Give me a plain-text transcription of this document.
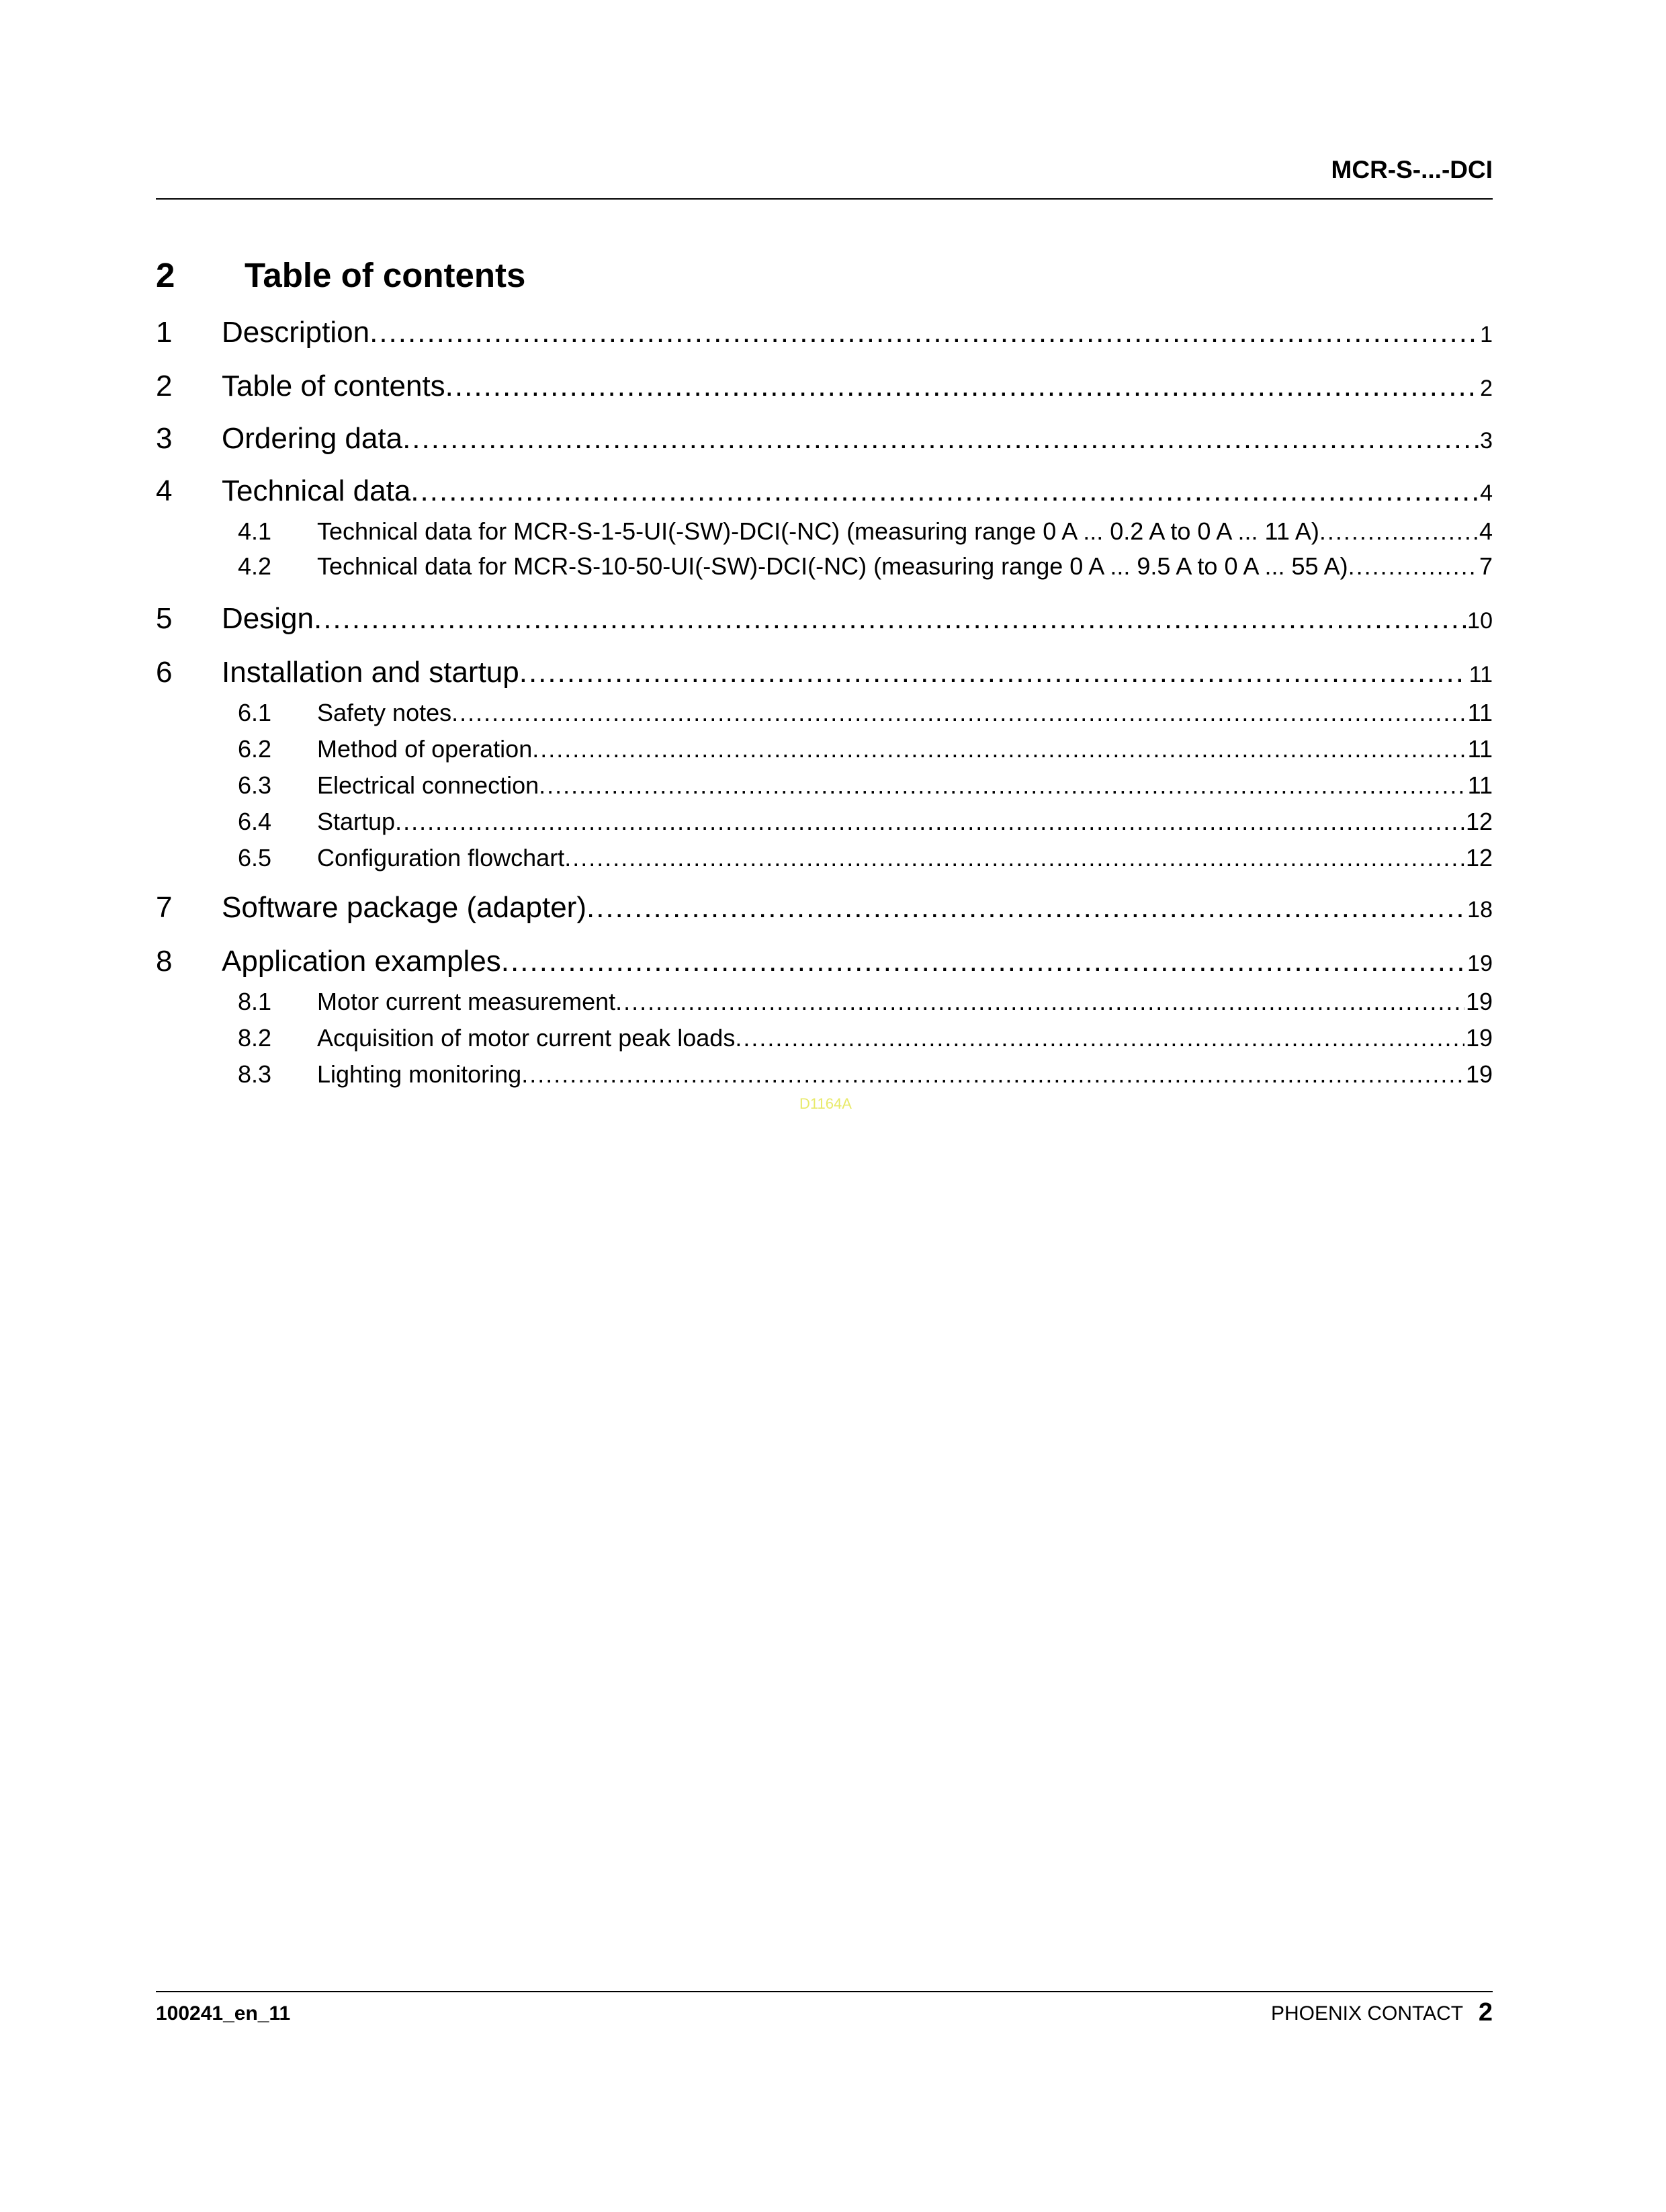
MCR-S-...-DCI
2 Table of contents
1	Description .....	1
2	Table of contents .....	2
3	Ordering data .....	3
4	Technical data .....	4
4.1	Technical data for MCR-S-1-5-UI(-SW)-DCI(-NC) (measuring range 0 A ... 0.2 A to 0 A ... 11 A) .....	4
4.2	Technical data for MCR-S-10-50-UI(-SW)-DCI(-NC) (measuring range 0 A ... 9.5 A to 0 A ... 55 A) .....	7
5	Design .....	10
6	Installation and startup .....	11
6.1	Safety notes .....	11
6.2	Method of operation .....	11
6.3	Electrical connection .....	11
6.4	Startup .....	12
6.5	Configuration flowchart .....	12
7	Software package (adapter) .....	18
8	Application examples .....	19
8.1	Motor current measurement .....	19
8.2	Acquisition of motor current peak loads .....	19
8.3	Lighting monitoring .....	19
D1164A
100241_en_11	PHOENIX CONTACT 2
